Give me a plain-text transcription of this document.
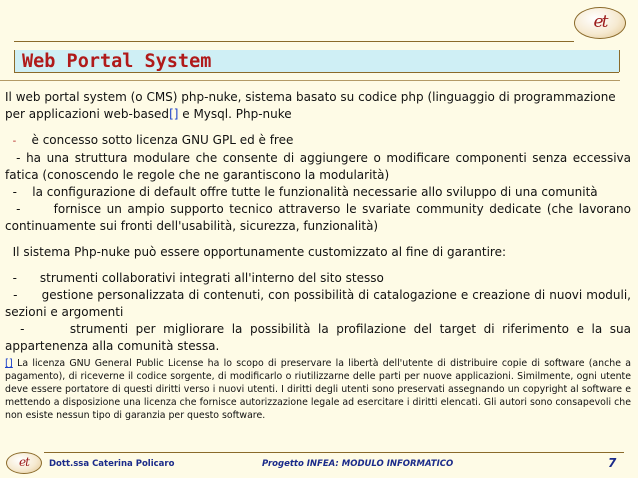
et
Web Portal System

Il web portal system (o CMS) php-nuke, sistema basato su codice php (linguaggio di programmazione per applicazioni web-based[] e Mysql. Php-nuke

- è concesso sotto licenza GNU GPL ed è free

- ha una struttura modulare che consente di aggiungere o modificare componenti senza eccessiva fatica (conoscendo le regole che ne garantiscono la modularità)

- la configurazione di default offre tutte le funzionalità necessarie allo sviluppo di una comunità

-	fornisce un ampio supporto tecnico attraverso le svariate community dedicate (che lavorano continuamente sui fronti dell'usabilità, sicurezza, funzionalità)

Il sistema Php-nuke può essere opportunamente customizzato al fine di garantire:

- strumenti collaborativi integrati all'interno del sito stesso

- gestione personalizzata di contenuti, con possibilità di catalogazione e creazione di nuovi moduli, sezioni e argomenti

-	strumenti per migliorare la possibilità la profilazione del target di riferimento e la sua appartenenza alla comunità stessa.

[] La licenza GNU General Public License ha lo scopo di preservare la libertà dell'utente di distribuire copie di software (anche a pagamento), di riceverne il codice sorgente, di modificarlo o riutilizzarne delle parti per nuove applicazioni. Similmente, ogni utente deve essere portatore di questi diritti verso i nuovi utenti. I diritti degli utenti sono preservati assegnando un copyright al software e mettendo a disposizione una licenza che fornisce autorizzazione legale ad esercitare i diritti elencati. Gli autori sono consapevoli che non esiste nessun tipo di garanzia per questo software.
et	Dott.ssa Caterina Policaro	Progetto INFEA: MODULO INFORMATICO	7
